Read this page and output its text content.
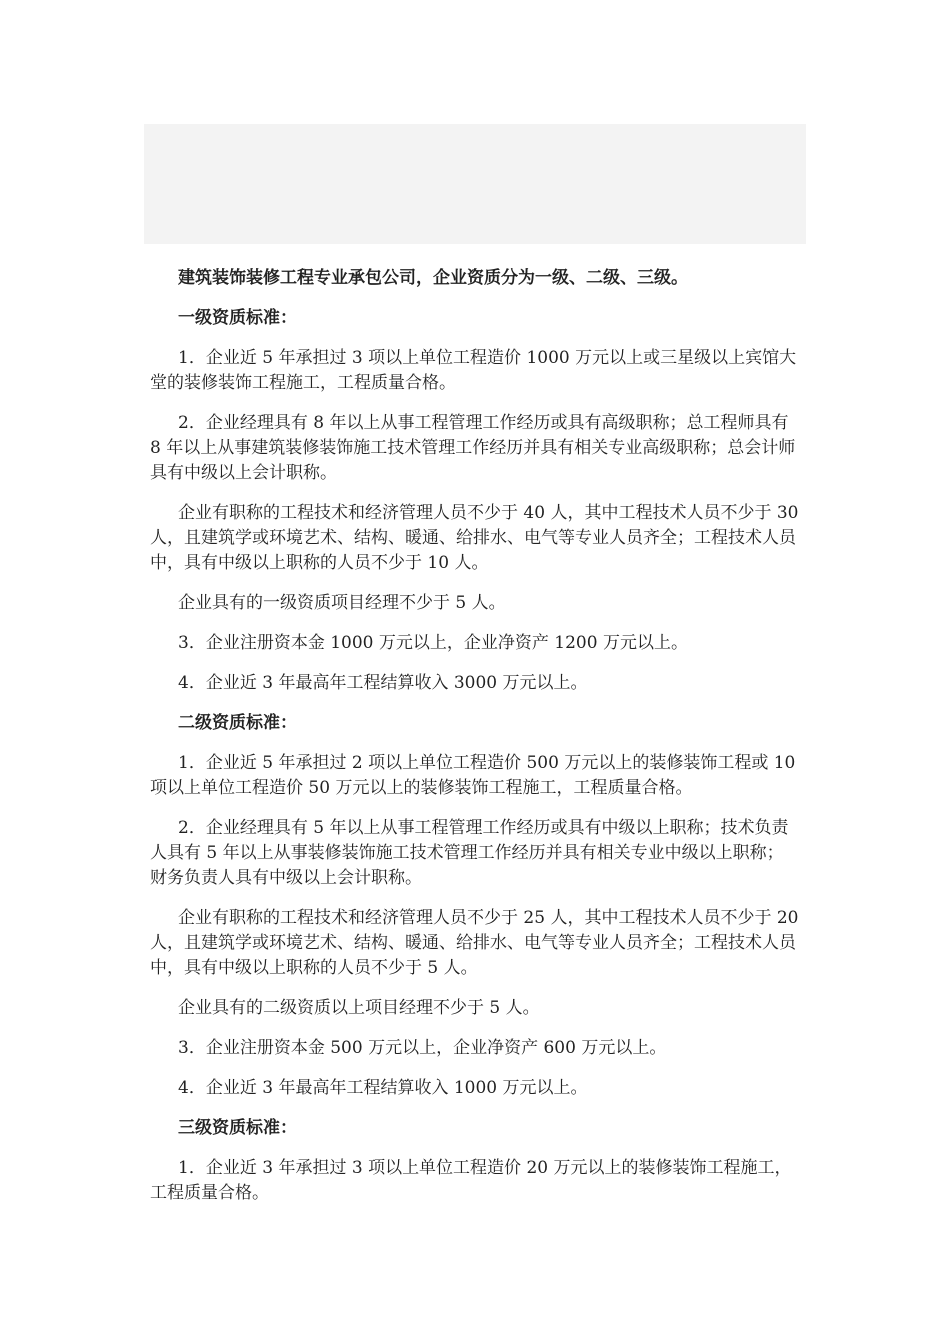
建筑装饰装修工程专业承包公司，企业资质分为一级、二级、三级。

一级资质标准：

1．企业近 5 年承担过 3 项以上单位工程造价 1000 万元以上或三星级以上宾馆大堂的装修装饰工程施工，工程质量合格。

2．企业经理具有 8 年以上从事工程管理工作经历或具有高级职称；总工程师具有 8 年以上从事建筑装修装饰施工技术管理工作经历并具有相关专业高级职称；总会计师具有中级以上会计职称。

企业有职称的工程技术和经济管理人员不少于 40 人，其中工程技术人员不少于 30 人，且建筑学或环境艺术、结构、暖通、给排水、电气等专业人员齐全；工程技术人员中，具有中级以上职称的人员不少于 10 人。

企业具有的一级资质项目经理不少于 5 人。

3．企业注册资本金 1000 万元以上，企业净资产 1200 万元以上。

4．企业近 3 年最高年工程结算收入 3000 万元以上。

二级资质标准：

1．企业近 5 年承担过 2 项以上单位工程造价 500 万元以上的装修装饰工程或 10 项以上单位工程造价 50 万元以上的装修装饰工程施工，工程质量合格。

2．企业经理具有 5 年以上从事工程管理工作经历或具有中级以上职称；技术负责人具有 5 年以上从事装修装饰施工技术管理工作经历并具有相关专业中级以上职称；财务负责人具有中级以上会计职称。

企业有职称的工程技术和经济管理人员不少于 25 人，其中工程技术人员不少于 20 人，且建筑学或环境艺术、结构、暖通、给排水、电气等专业人员齐全；工程技术人员中，具有中级以上职称的人员不少于 5 人。

企业具有的二级资质以上项目经理不少于 5 人。

3．企业注册资本金 500 万元以上，企业净资产 600 万元以上。

4．企业近 3 年最高年工程结算收入 1000 万元以上。

三级资质标准：

1．企业近 3 年承担过 3 项以上单位工程造价 20 万元以上的装修装饰工程施工，工程质量合格。
